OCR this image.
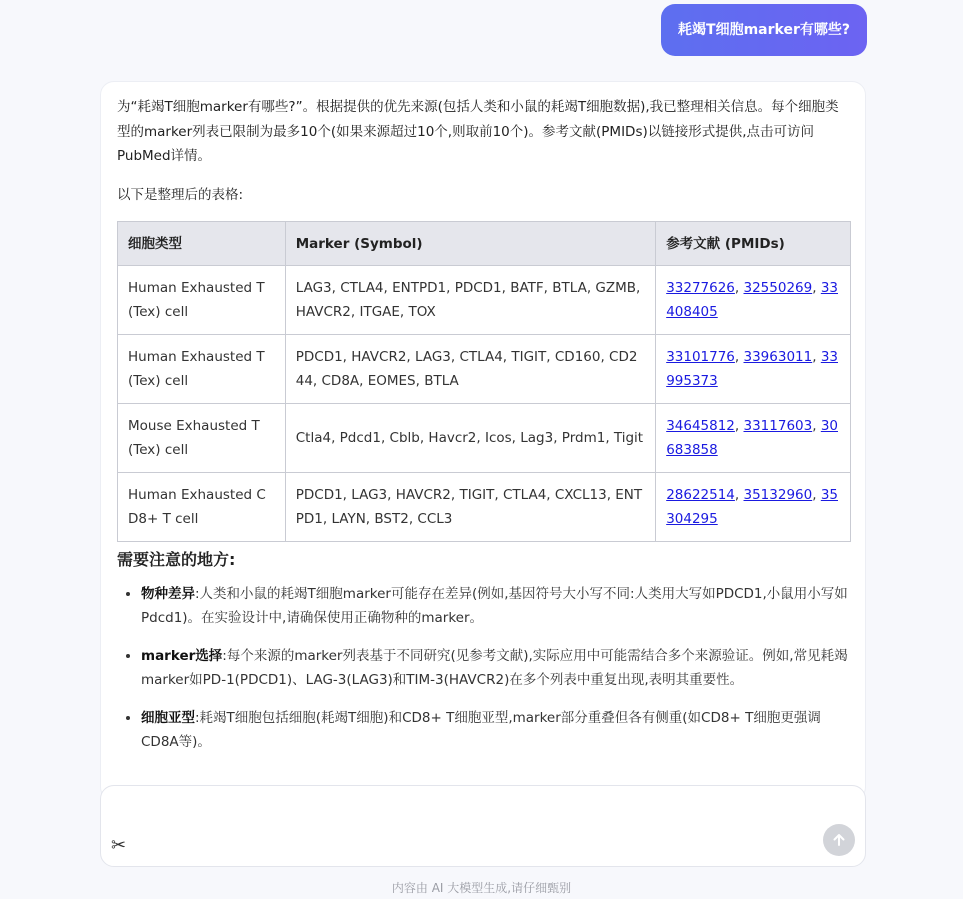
耗竭T细胞marker有哪些?

为“耗竭T细胞marker有哪些?”。根据提供的优先来源(包括人类和小鼠的耗竭T细胞数据),我已整理相关信息。每个细胞类型的marker列表已限制为最多10个(如果来源超过10个,则取前10个)。参考文献(PMIDs)以链接形式提供,点击可访问PubMed详情。

以下是整理后的表格:

细胞类型	Marker (Symbol)	参考文献 (PMIDs)
Human Exhausted T (Tex) cell	LAG3, CTLA4, ENTPD1, PDCD1, BATF, BTLA, GZMB, HAVCR2, ITGAE, TOX	33277626, 32550269, 33408405
Human Exhausted T (Tex) cell	PDCD1, HAVCR2, LAG3, CTLA4, TIGIT, CD160, CD244, CD8A, EOMES, BTLA	33101776, 33963011, 33995373
Mouse Exhausted T (Tex) cell	Ctla4, Pdcd1, Cblb, Havcr2, Icos, Lag3, Prdm1, Tigit	34645812, 33117603, 30683858
Human Exhausted CD8+ T cell	PDCD1, LAG3, HAVCR2, TIGIT, CTLA4, CXCL13, ENTPD1, LAYN, BST2, CCL3	28622514, 35132960, 35304295
需要注意的地方:
• 物种差异:人类和小鼠的耗竭T细胞marker可能存在差异(例如,基因符号大小写不同:人类用大写如PDCD1,小鼠用小写如Pdcd1)。在实验设计中,请确保使用正确物种的marker。
• marker选择:每个来源的marker列表基于不同研究(见参考文献),实际应用中可能需结合多个来源验证。例如,常见耗竭marker如PD-1(PDCD1)、LAG-3(LAG3)和TIM-3(HAVCR2)在多个列表中重复出现,表明其重要性。
• 细胞亚型:耗竭T细胞包括细胞(耗竭T细胞)和CD8+ T细胞亚型,marker部分重叠但各有侧重(如CD8+ T细胞更强调CD8A等)。
✂
内容由 AI 大模型生成,请仔细甄别
